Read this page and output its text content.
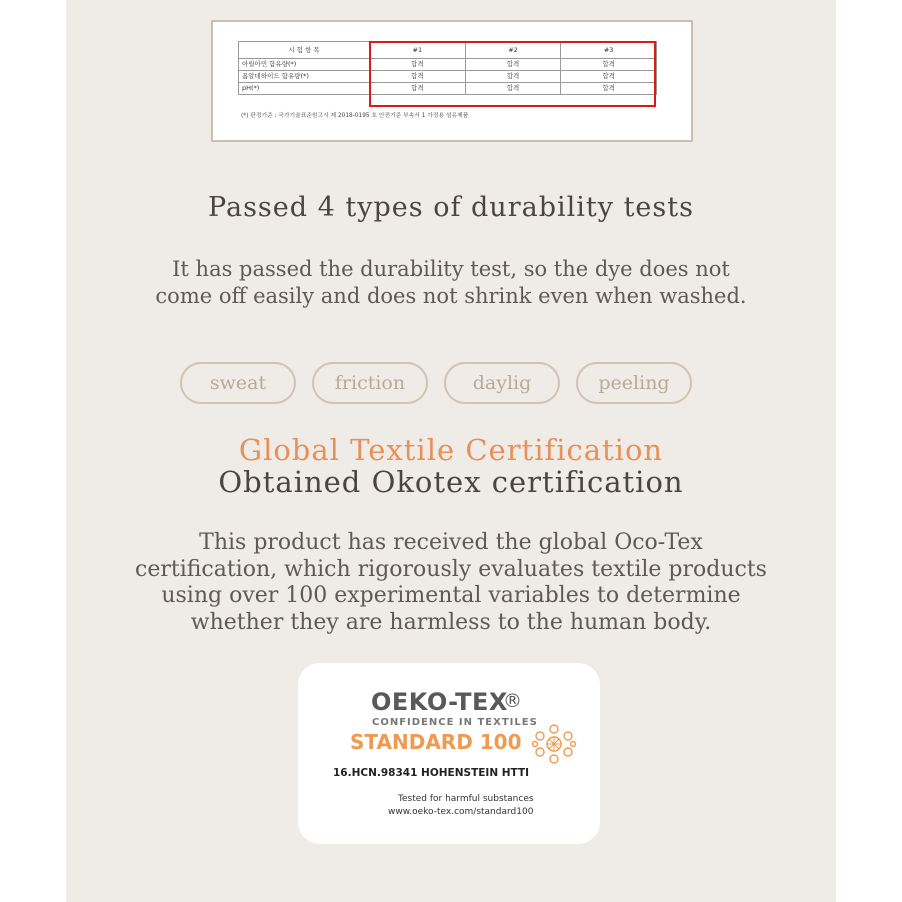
시 험 항 목	#1	#2	#3
아릴아민 함유량(*)	합격	합격	합격
폼알데하이드 함유량(*)	합격	합격	합격
pH(*)	합격	합격	합격
(*) 판정기준 : 국가기술표준원고시 제 2018-0195 호 안전기준 부속서 1 가정용 섬유제품
Passed 4 types of durability tests
It has passed the durability test, so the dye does not
come off easily and does not shrink even when washed.
sweat	friction	daylig	peeling
Global Textile Certification
Obtained Okotex certification
This product has received the global Oco-Tex
certification, which rigorously evaluates textile products
using over 100 experimental variables to determine
whether they are harmless to the human body.
OEKO-TEX
®
CONFIDENCE IN TEXTILES
STANDARD 100
16.HCN.98341 HOHENSTEIN HTTI
Tested for harmful substances
www.oeko-tex.com/standard100
